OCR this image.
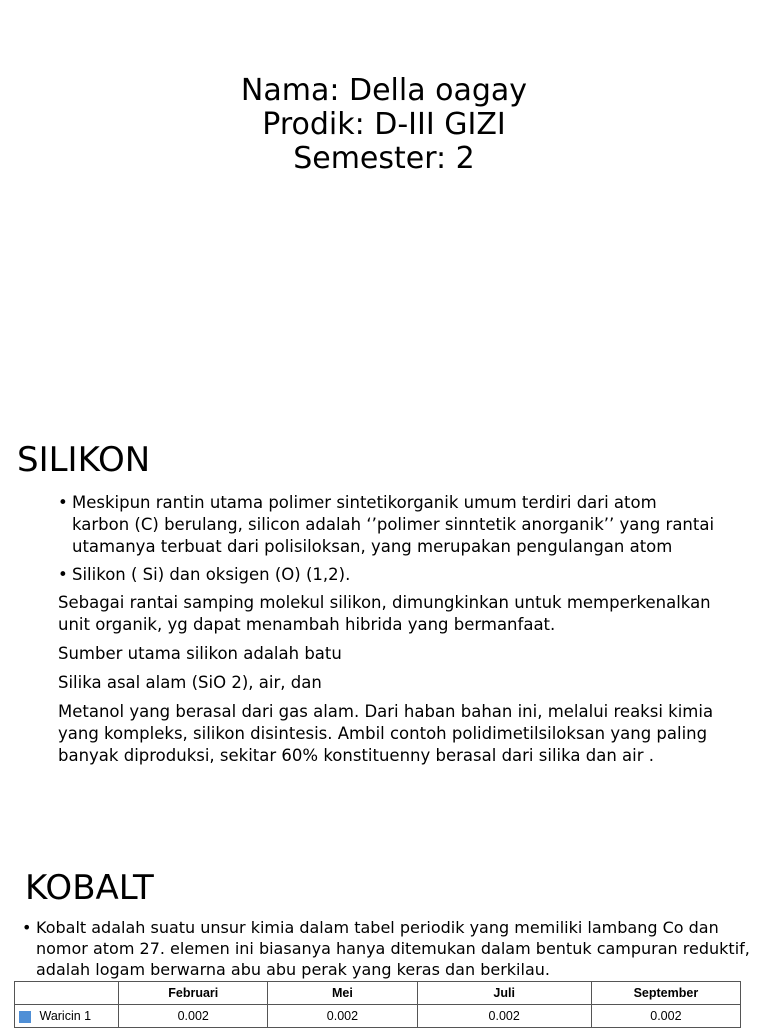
Nama: Della oagay
Prodik: D-III GIZI
Semester: 2
SILIKON
• Meskipun rantin utama polimer sintetikorganik umum terdiri dari atom karbon (C) berulang, silicon adalah ‘’polimer sinntetik anorganik’’ yang rantai utamanya terbuat dari polisiloksan, yang merupakan pengulangan atom
• Silikon ( Si) dan oksigen (O) (1,2).
Sebagai rantai samping molekul silikon, dimungkinkan untuk memperkenalkan unit organik, yg dapat menambah hibrida yang bermanfaat.
Sumber utama silikon adalah batu
Silika asal alam (SiO 2), air, dan
Metanol yang berasal dari gas alam. Dari haban bahan ini, melalui reaksi kimia yang kompleks, silikon disintesis. Ambil contoh polidimetilsiloksan yang paling banyak diproduksi, sekitar 60% konstituenny berasal dari silika dan air .
KOBALT
• Kobalt adalah suatu unsur kimia dalam tabel periodik yang memiliki lambang Co dan nomor atom 27. elemen ini biasanya hanya ditemukan dalam bentuk campuran reduktif, adalah logam berwarna abu abu perak yang keras dan berkilau.
	Februari	Mei	Juli	September
Waricin 1	0.002	0.002	0.002	0.002
